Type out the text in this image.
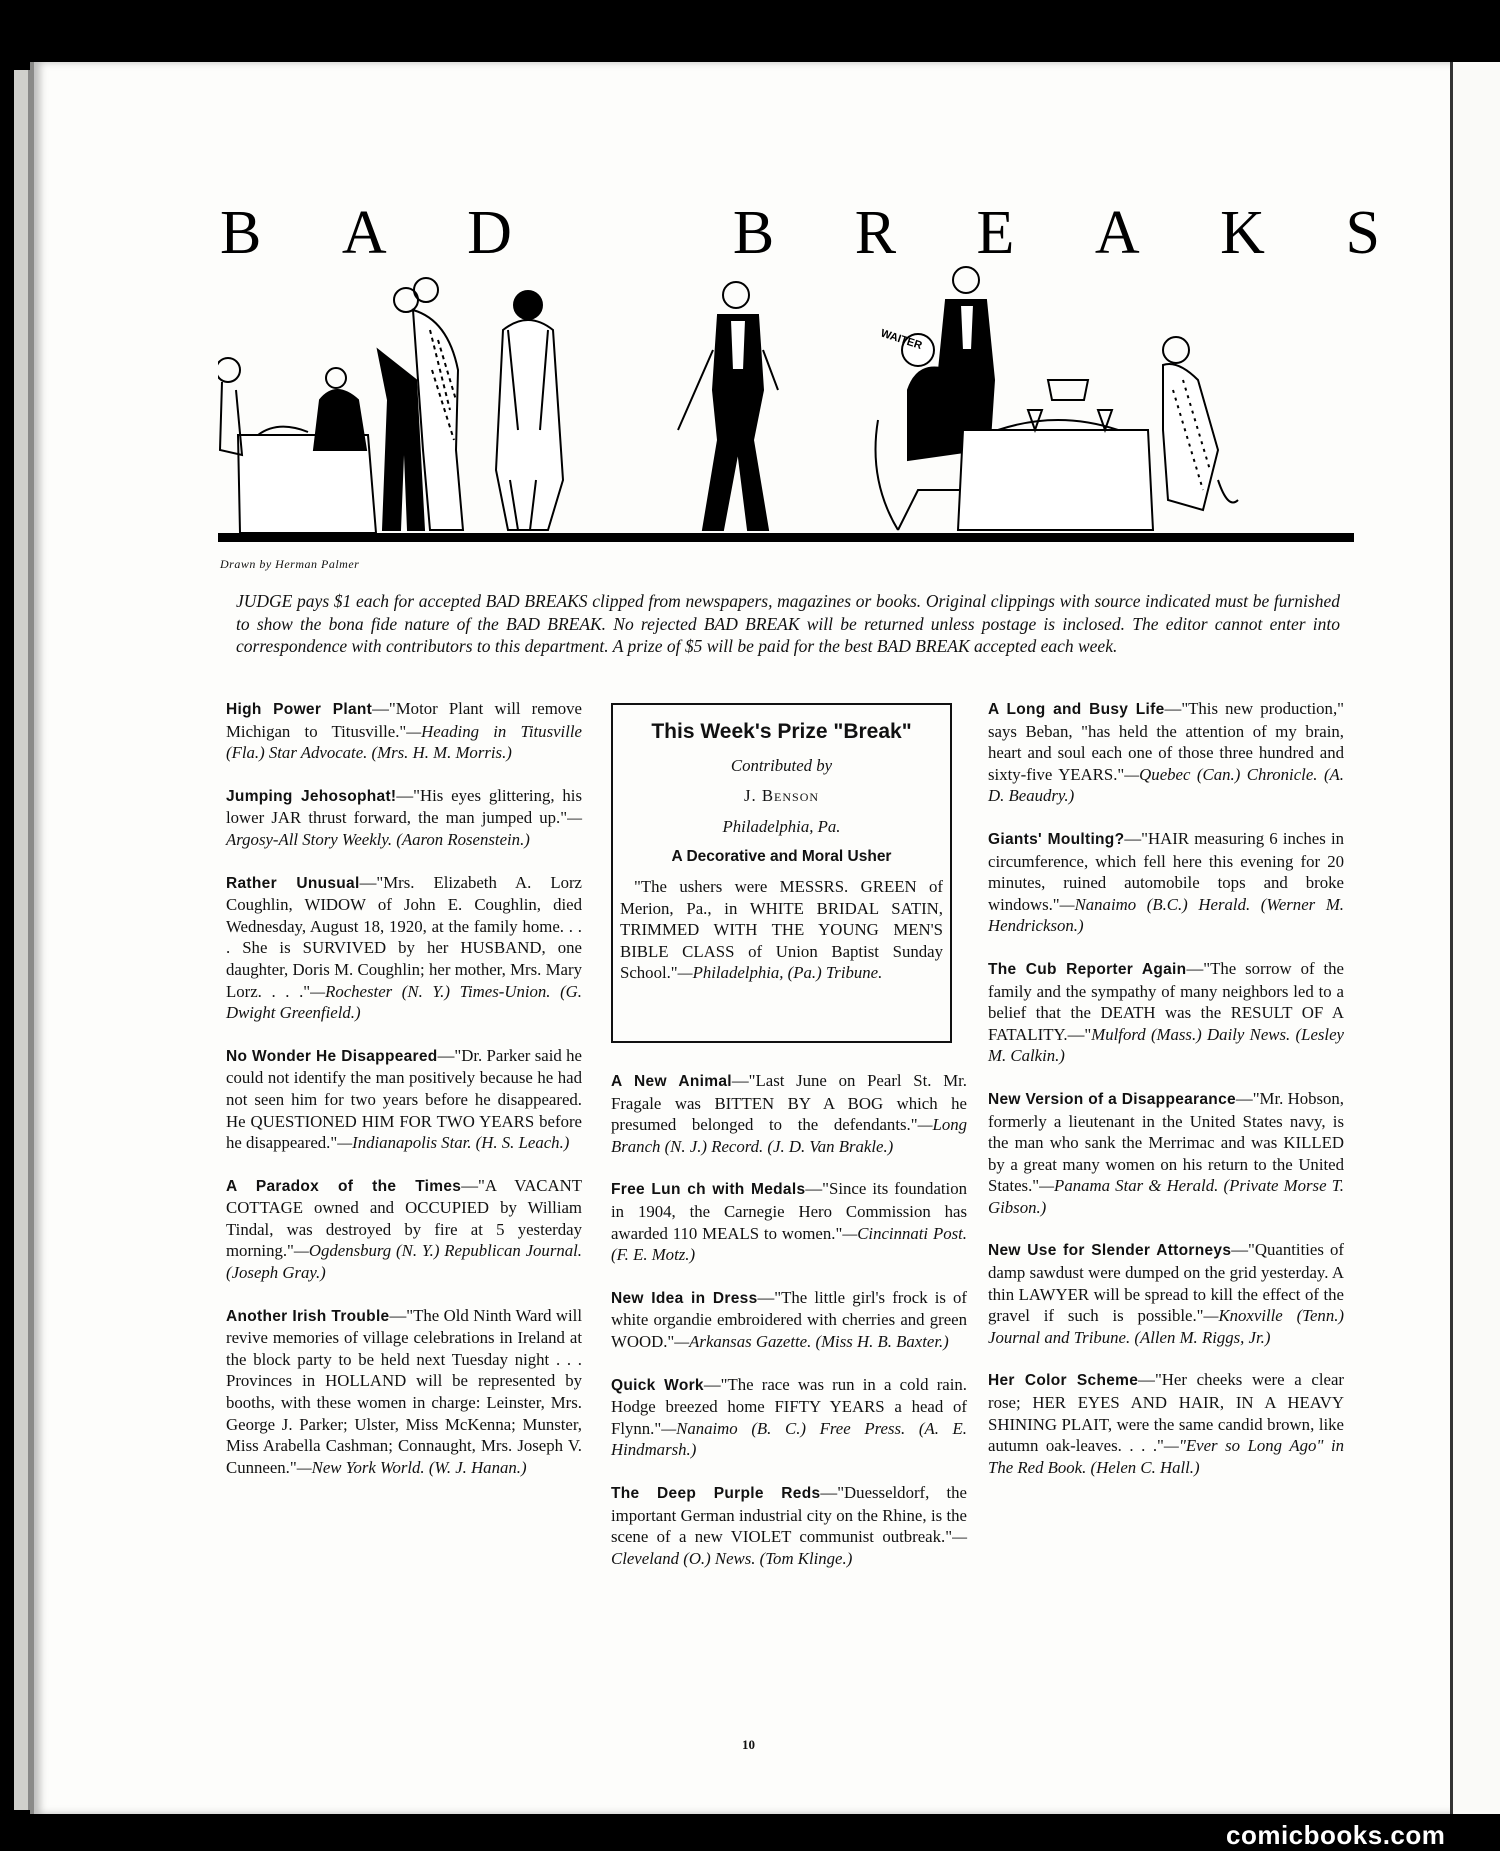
B A D	B R E A K S
WAITER
Drawn by Herman Palmer
JUDGE pays $1 each for accepted BAD BREAKS clipped from newspapers, magazines or books. Original clippings with source indicated must be furnished to show the bona fide nature of the BAD BREAK. No rejected BAD BREAK will be returned unless postage is inclosed. The editor cannot enter into correspondence with contributors to this department. A prize of $5 will be paid for the best BAD BREAK accepted each week.
High Power Plant—"Motor Plant will remove Michigan to Titusville."—Heading in Titusville (Fla.) Star Advocate. (Mrs. H. M. Morris.)
Jumping Jehosophat!—"His eyes glittering, his lower JAR thrust forward, the man jumped up."—Argosy-All Story Weekly. (Aaron Rosenstein.)
Rather Unusual—"Mrs. Elizabeth A. Lorz Coughlin, WIDOW of John E. Coughlin, died Wednesday, August 18, 1920, at the family home. . . . She is SURVIVED by her HUSBAND, one daughter, Doris M. Coughlin; her mother, Mrs. Mary Lorz. . . ."—Rochester (N. Y.) Times-Union. (G. Dwight Greenfield.)
No Wonder He Disappeared—"Dr. Parker said he could not identify the man positively because he had not seen him for two years before he disappeared. He QUESTIONED HIM FOR TWO YEARS before he disappeared."—Indianapolis Star. (H. S. Leach.)
A Paradox of the Times—"A VACANT COTTAGE owned and OCCUPIED by William Tindal, was destroyed by fire at 5 yesterday morning."—Ogdensburg (N. Y.) Republican Journal. (Joseph Gray.)
Another Irish Trouble—"The Old Ninth Ward will revive memories of village celebrations in Ireland at the block party to be held next Tuesday night . . . Provinces in HOLLAND will be represented by booths, with these women in charge: Leinster, Mrs. George J. Parker; Ulster, Miss McKenna; Munster, Miss Arabella Cashman; Connaught, Mrs. Joseph V. Cunneen."—New York World. (W. J. Hanan.)
This Week's Prize "Break"
Contributed by
J. Benson
Philadelphia, Pa.
A Decorative and Moral Usher
"The ushers were MESSRS. GREEN of Merion, Pa., in WHITE BRIDAL SATIN, TRIMMED WITH THE YOUNG MEN'S BIBLE CLASS of Union Baptist Sunday School."—Philadelphia, (Pa.) Tribune.
A New Animal—"Last June on Pearl St. Mr. Fragale was BITTEN BY A BOG which he presumed belonged to the defendants."—Long Branch (N. J.) Record. (J. D. Van Brakle.)
Free Lun ch with Medals—"Since its foundation in 1904, the Carnegie Hero Commission has awarded 110 MEALS to women."—Cincinnati Post. (F. E. Motz.)
New Idea in Dress—"The little girl's frock is of white organdie embroidered with cherries and green WOOD."—Arkansas Gazette. (Miss H. B. Baxter.)
Quick Work—"The race was run in a cold rain. Hodge breezed home FIFTY YEARS a head of Flynn."—Nanaimo (B. C.) Free Press. (A. E. Hindmarsh.)
The Deep Purple Reds—"Duesseldorf, the important German industrial city on the Rhine, is the scene of a new VIOLET communist outbreak."—Cleveland (O.) News. (Tom Klinge.)
A Long and Busy Life—"This new production," says Beban, "has held the attention of my brain, heart and soul each one of those three hundred and sixty-five YEARS."—Quebec (Can.) Chronicle. (A. D. Beaudry.)
Giants' Moulting?—"HAIR measuring 6 inches in circumference, which fell here this evening for 20 minutes, ruined automobile tops and broke windows."—Nanaimo (B.C.) Herald. (Werner M. Hendrickson.)
The Cub Reporter Again—"The sorrow of the family and the sympathy of many neighbors led to a belief that the DEATH was the RESULT OF A FATALITY.—"Mulford (Mass.) Daily News. (Lesley M. Calkin.)
New Version of a Disappearance—"Mr. Hobson, formerly a lieutenant in the United States navy, is the man who sank the Merrimac and was KILLED by a great many women on his return to the United States."—Panama Star & Herald. (Private Morse T. Gibson.)
New Use for Slender Attorneys—"Quantities of damp sawdust were dumped on the grid yesterday. A thin LAWYER will be spread to kill the effect of the gravel if such is possible."—Knoxville (Tenn.) Journal and Tribune. (Allen M. Riggs, Jr.)
Her Color Scheme—"Her cheeks were a clear rose; HER EYES AND HAIR, IN A HEAVY SHINING PLAIT, were the same candid brown, like autumn oak-leaves. . . ."—"Ever so Long Ago" in The Red Book. (Helen C. Hall.)
10
comicbooks.com
